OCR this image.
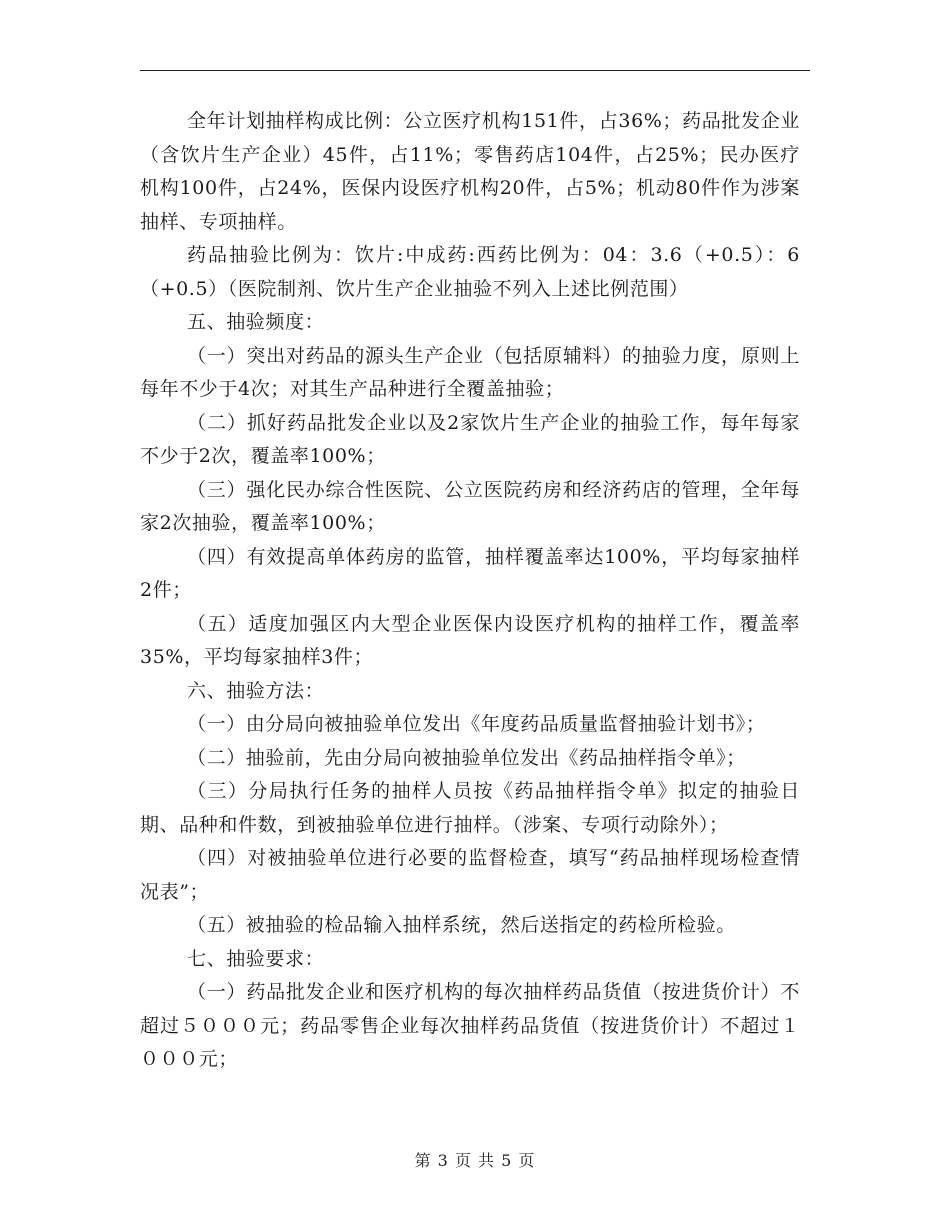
全年计划抽样构成比例：公立医疗机构151件，占36%；药品批发企业（含饮片生产企业）45件，占11%；零售药店104件，占25%；民办医疗机构100件，占24%，医保内设医疗机构20件，占5%；机动80件作为涉案抽样、专项抽样。

药品抽验比例为：饮片:中成药:西药比例为：04：3.6（+0.5）：6（+0.5）（医院制剂、饮片生产企业抽验不列入上述比例范围）

五、抽验频度：

（一）突出对药品的源头生产企业（包括原辅料）的抽验力度，原则上每年不少于4次；对其生产品种进行全覆盖抽验；

（二）抓好药品批发企业以及2家饮片生产企业的抽验工作，每年每家不少于2次，覆盖率100%；

（三）强化民办综合性医院、公立医院药房和经济药店的管理，全年每家2次抽验，覆盖率100%；

（四）有效提高单体药房的监管，抽样覆盖率达100%，平均每家抽样2件；

（五）适度加强区内大型企业医保内设医疗机构的抽样工作，覆盖率35%，平均每家抽样3件；

六、抽验方法：

（一）由分局向被抽验单位发出《年度药品质量监督抽验计划书》；

（二）抽验前，先由分局向被抽验单位发出《药品抽样指令单》；

（三）分局执行任务的抽样人员按《药品抽样指令单》拟定的抽验日期、品种和件数，到被抽验单位进行抽样。（涉案、专项行动除外）；

（四）对被抽验单位进行必要的监督检查，填写“药品抽样现场检查情况表”；

（五）被抽验的检品输入抽样系统，然后送指定的药检所检验。

七、抽验要求：

（一）药品批发企业和医疗机构的每次抽样药品货值（按进货价计）不超过５０００元；药品零售企业每次抽样药品货值（按进货价计）不超过１０００元；

第 3 页 共 5 页
